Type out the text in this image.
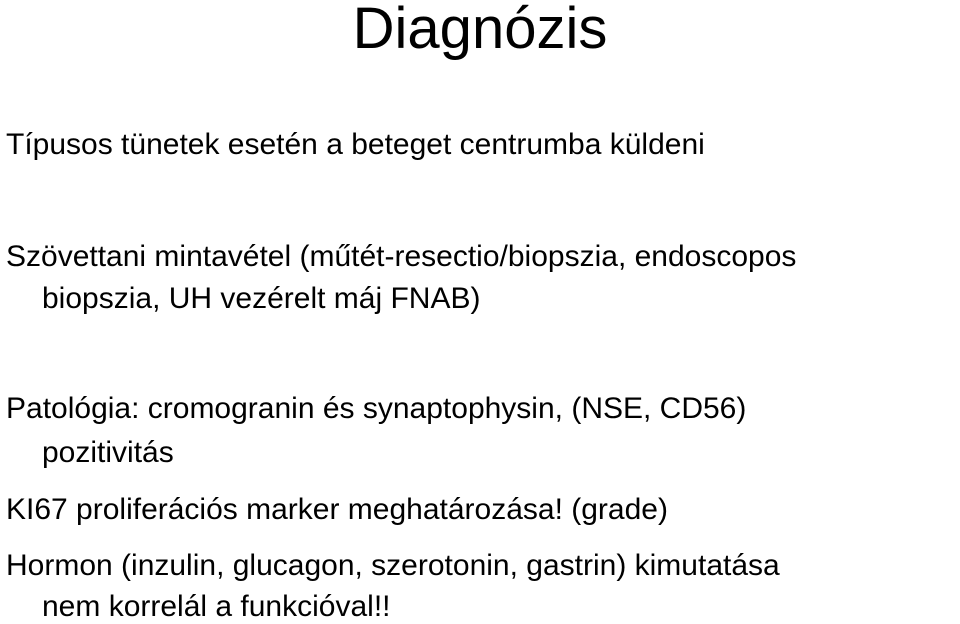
Diagnózis

Típusos tünetek esetén a beteget centrumba küldeni

Szövettani mintavétel (műtét-resectio/biopszia, endoscopos

biopszia, UH vezérelt máj FNAB)

Patológia: cromogranin és synaptophysin, (NSE, CD56)

pozitivitás

KI67 proliferációs marker meghatározása! (grade)

Hormon (inzulin, glucagon, szerotonin, gastrin) kimutatása

nem korrelál a funkcióval!!
